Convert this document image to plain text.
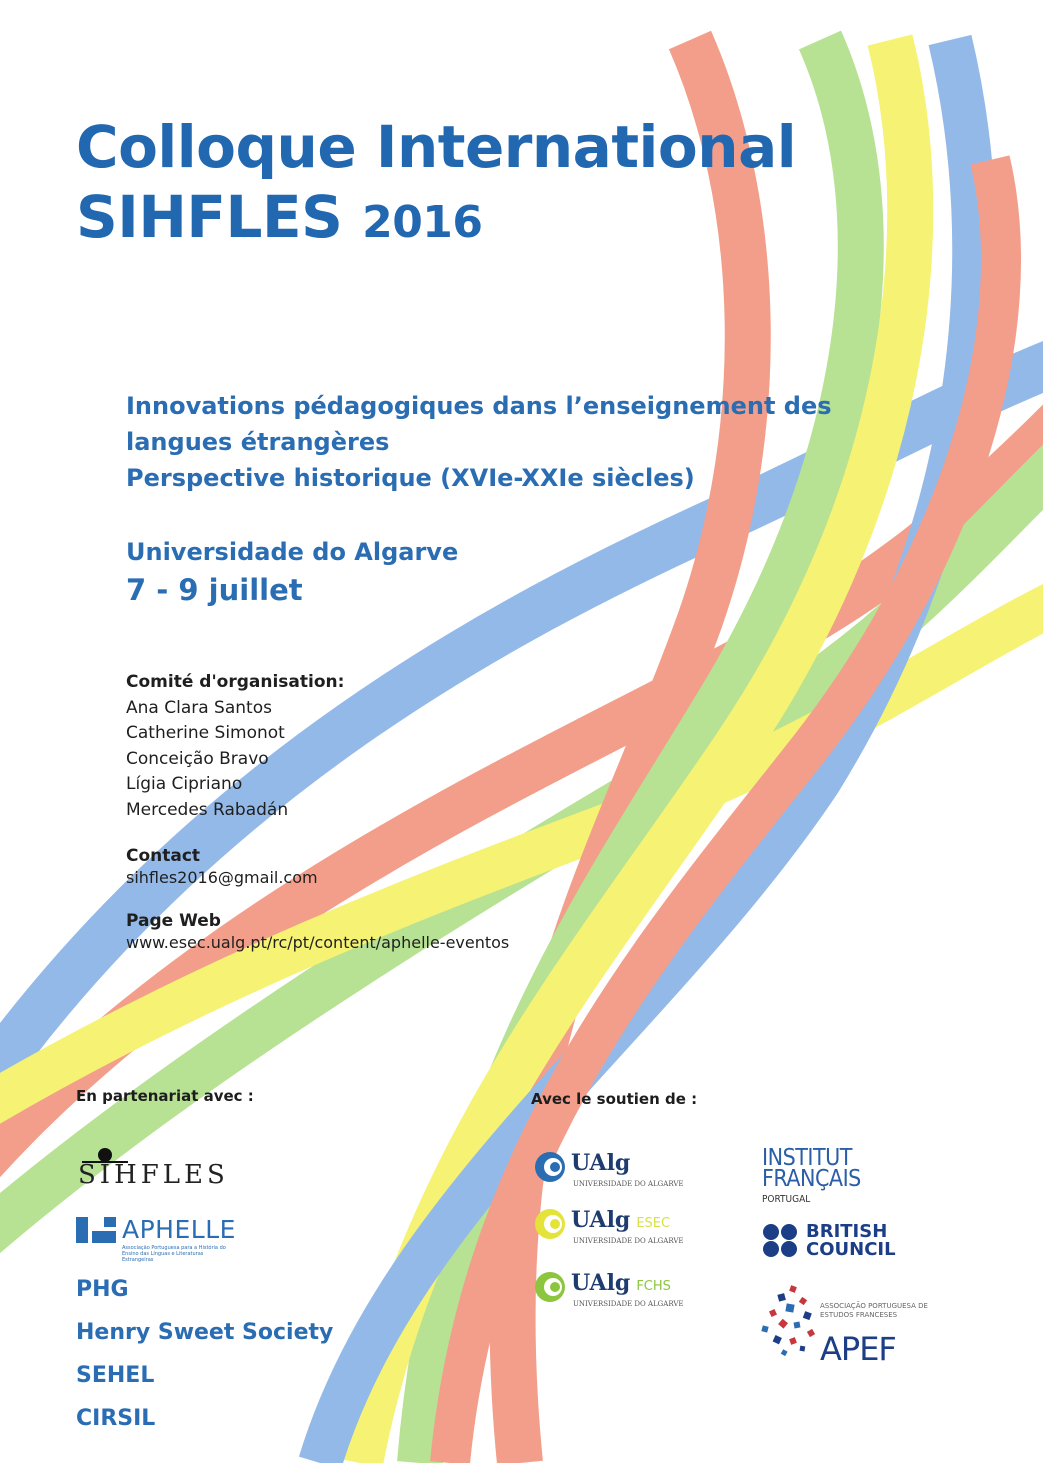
Colloque International
SIHFLES 2016
Innovations pédagogiques dans l’enseignement des
langues étrangères
Perspective historique (XVIe-XXIe siècles)
Universidade do Algarve
7 - 9 juillet
Comité d'organisation:
Ana Clara Santos
Catherine Simonot
Conceição Bravo
Lígia Cipriano
Mercedes Rabadán
Contact
sihfles2016@gmail.com
Page Web
www.esec.ualg.pt/rc/pt/content/aphelle-eventos
En partenariat avec :
SIHFLES
APHELLE
Associação Portuguesa para a História do Ensino das Línguas e Literaturas Estrangeiras
PHG
Henry Sweet Society
SEHEL
CIRSIL
Avec le soutien de :
UAlg
UNIVERSIDADE DO ALGARVE
UAlg ESEC
UNIVERSIDADE DO ALGARVE
UAlg FCHS
UNIVERSIDADE DO ALGARVE
INSTITUT
FRANÇAIS
PORTUGAL
BRITISH
COUNCIL
ASSOCIAÇÃO PORTUGUESA DE ESTUDOS FRANCESES
APEF
